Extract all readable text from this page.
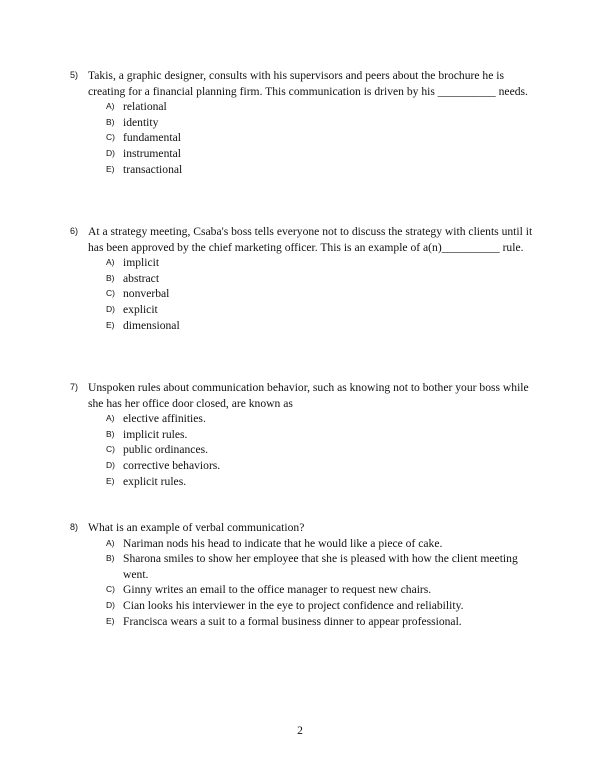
5) Takis, a graphic designer, consults with his supervisors and peers about the brochure he is creating for a financial planning firm. This communication is driven by his __________ needs.
A) relational
B) identity
C) fundamental
D) instrumental
E) transactional
6) At a strategy meeting, Csaba's boss tells everyone not to discuss the strategy with clients until it has been approved by the chief marketing officer. This is an example of a(n)__________ rule.
A) implicit
B) abstract
C) nonverbal
D) explicit
E) dimensional
7) Unspoken rules about communication behavior, such as knowing not to bother your boss while she has her office door closed, are known as
A) elective affinities.
B) implicit rules.
C) public ordinances.
D) corrective behaviors.
E) explicit rules.
8) What is an example of verbal communication?
A) Nariman nods his head to indicate that he would like a piece of cake.
B) Sharona smiles to show her employee that she is pleased with how the client meeting went.
C) Ginny writes an email to the office manager to request new chairs.
D) Cian looks his interviewer in the eye to project confidence and reliability.
E) Francisca wears a suit to a formal business dinner to appear professional.
2
